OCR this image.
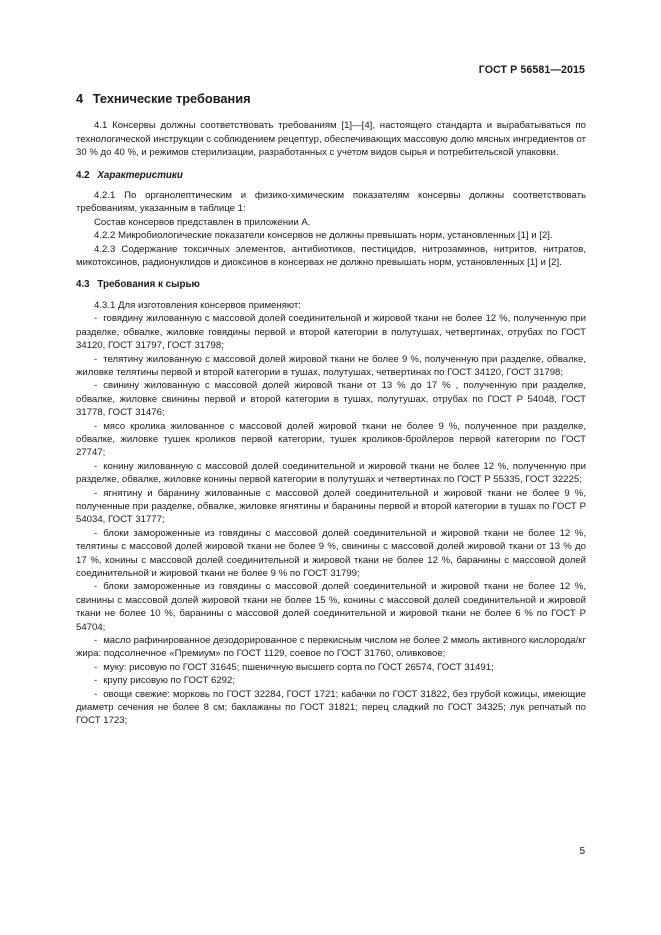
ГОСТ Р 56581—2015
4 Технические требования

4.1 Консервы должны соответствовать требованиям [1]—[4], настоящего стандарта и вырабатываться по технологической инструкции с соблюдением рецептур, обеспечивающих массовую долю мясных ингредиентов от 30 % до 40 %, и режимов стерилизации, разработанных с учетом видов сырья и потребительской упаковки.

4.2 Характеристики

4.2.1 По органолептическим и физико-химическим показателям консервы должны соответствовать требованиям, указанным в таблице 1:

Состав консервов представлен в приложении А.

4.2.2 Микробиологические показатели консервов не должны превышать норм, установленных [1] и [2].

4.2.3 Содержание токсичных элементов, антибиотиков, пестицидов, нитрозаминов, нитритов, нитратов, микотоксинов, радионуклидов и диоксинов в консервах не должно превышать норм, установленных [1] и [2].

4.3 Требования к сырью

4.3.1 Для изготовления консервов применяют:

- говядину жилованную с массовой долей соединительной и жировой ткани не более 12 %, полученную при разделке, обвалке, жиловке говядины первой и второй категории в полутушах, четвертинах, отрубах по ГОСТ 34120, ГОСТ 31797, ГОСТ 31798;

- телятину жилованную с массовой долей жировой ткани не более 9 %, полученную при разделке, обвалке, жиловке телятины первой и второй категории в тушах, полутушах, четвертинах по ГОСТ 34120, ГОСТ 31798;

- свинину жилованную с массовой долей жировой ткани от 13 % до 17 % , полученную при разделке, обвалке, жиловке свинины первой и второй категории в тушах, полутушах, отрубах по ГОСТ Р 54048, ГОСТ 31778, ГОСТ 31476;

- мясо кролика жилованное с массовой долей жировой ткани не более 9 %, полученное при разделке, обвалке, жиловке тушек кроликов первой категории, тушек кроликов-бройлеров первой категории по ГОСТ 27747;

- конину жилованную с массовой долей соединительной и жировой ткани не более 12 %, полученную при разделке, обвалке, жиловке конины первой категории в полутушах и четвертинах по ГОСТ Р 55335, ГОСТ 32225;

- ягнятину и баранину жилованные с массовой долей соединительной и жировой ткани не более 9 %, полученные при разделке, обвалке, жиловке ягнятины и баранины первой и второй категории в тушах по ГОСТ Р 54034, ГОСТ 31777;

- блоки замороженные из говядины с массовой долей соединительной и жировой ткани не более 12 %, телятины с массовой долей жировой ткани не более 9 %, свинины с массовой долей жировой ткани от 13 % до 17 %, конины с массовой долей соединительной и жировой ткани не более 12 %, баранины с массовой долей соединительной и жировой ткани не более 9 % по ГОСТ 31799;

- блоки замороженные из говядины с массовой долей соединительной и жировой ткани не более 12 %, свинины с массовой долей жировой ткани не более 15 %, конины с массовой долей соединительной и жировой ткани не более 10 %, баранины с массовой долей соединительной и жировой ткани не более 6 % по ГОСТ Р 54704;

- масло рафинированное дезодорированное с перекисным числом не более 2 ммоль активного кислорода/кг жира: подсолнечное «Премиум» по ГОСТ 1129, соевое по ГОСТ 31760, оливковое;

- муку: рисовую по ГОСТ 31645; пшеничную высшего сорта по ГОСТ 26574, ГОСТ 31491;

- крупу рисовую по ГОСТ 6292;

- овощи свежие: морковь по ГОСТ 32284, ГОСТ 1721; кабачки по ГОСТ 31822, без грубой кожицы, имеющие диаметр сечения не более 8 см; баклажаны по ГОСТ 31821; перец сладкий по ГОСТ 34325; лук репчатый по ГОСТ 1723;

5
